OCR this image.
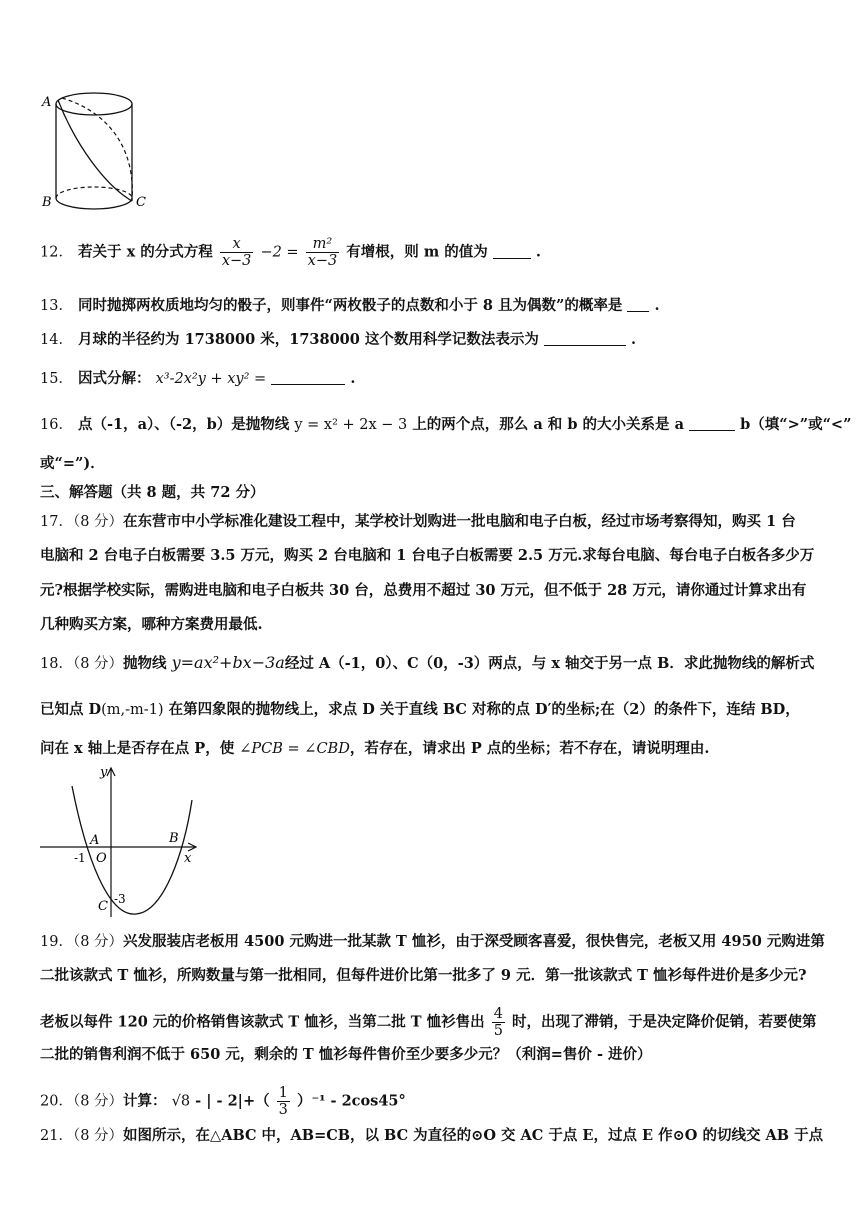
A
B	C
12． 若关于 x 的分式方程 $\frac{x}{x-3} -2 = \frac{\text{m²}}{x-3}$ 有增根，则 m 的值为	.
13． 同时抛掷两枚质地均匀的骰子，则事件“两枚骰子的点数和小于 8 且为偶数”的概率是 .
14． 月球的半径约为 1738000 米，1738000 这个数用科学记数法表示为	.
15． 因式分解： x³-2x²y + xy² =	.
16． 点（-1，a）、（-2，b）是抛物线 y = x² + 2x − 3 上的两个点，那么 a 和 b 的大小关系是 a	b（填“>”或“<”
或“=”)．
三、解答题（共 8 题，共 72 分）
17．（8 分）在东营市中小学标准化建设工程中，某学校计划购进一批电脑和电子白板，经过市场考察得知，购买 1 台
电脑和 2 台电子白板需要 3.5 万元，购买 2 台电脑和 1 台电子白板需要 2.5 万元.求每台电脑、每台电子白板各多少万
元?根据学校实际，需购进电脑和电子白板共 30 台，总费用不超过 30 万元，但不低于 28 万元，请你通过计算求出有
几种购买方案，哪种方案费用最低.
18．（8 分）抛物线 y=ax²+bx−3a经过 A（-1，0）、C（0，-3）两点，与 x 轴交于另一点 B．求此抛物线的解析式
已知点 D(m,-m-1) 在第四象限的抛物线上，求点 D 关于直线 BC 对称的点 D′的坐标;在（2）的条件下，连结 BD，
问在 x 轴上是否存在点 P，使 ∠PCB = ∠CBD，若存在，请求出 P 点的坐标；若不存在，请说明理由.
y
x
A	B
O
-1
C -3
19．（8 分）兴发服装店老板用 4500 元购进一批某款 T 恤衫，由于深受顾客喜爱，很快售完，老板又用 4950 元购进第
二批该款式 T 恤衫，所购数量与第一批相同，但每件进价比第一批多了 9 元．第一批该款式 T 恤衫每件进价是多少元?
老板以每件 120 元的价格销售该款式 T 恤衫，当第二批 T 恤衫售出 $\frac{4}{5}$ 时，出现了滞销，于是决定降价促销，若要使第
二批的销售利润不低于 650 元，剩余的 T 恤衫每件售价至少要多少元？（利润=售价 - 进价）
20．（8 分）计算： √8 - | - $2|+( \frac{1}{3} )^{-1} - 2\cos 45^\circ$
21．（8 分）如图所示，在△ABC 中，AB=CB，以 BC 为直径的⊙O 交 AC 于点 E，过点 E 作⊙O 的切线交 AB 于点
